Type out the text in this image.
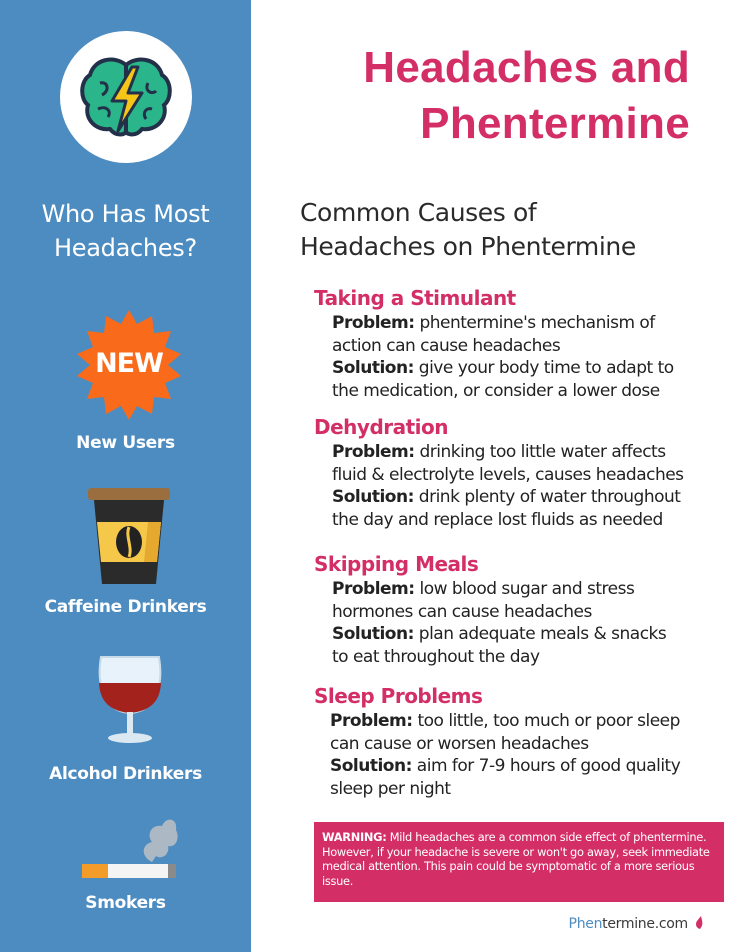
Who Has Most
Headaches?
NEW
New Users
Caffeine Drinkers
Alcohol Drinkers
Smokers
Headaches and
Phentermine
Common Causes of
Headaches on Phentermine
Taking a Stimulant

Problem: phentermine's mechanism of
action can cause headaches

Solution: give your body time to adapt to
the medication, or consider a lower dose

Dehydration

Problem: drinking too little water affects
fluid & electrolyte levels, causes headaches

Solution: drink plenty of water throughout
the day and replace lost fluids as needed

Skipping Meals

Problem: low blood sugar and stress
hormones can cause headaches

Solution: plan adequate meals & snacks
to eat throughout the day

Sleep Problems

Problem: too little, too much or poor sleep
can cause or worsen headaches

Solution: aim for 7-9 hours of good quality
sleep per night

WARNING: Mild headaches are a common side effect of phentermine. However, if your headache is severe or won't go away, seek immediate medical attention. This pain could be symptomatic of a more serious issue.
Phentermine.com
